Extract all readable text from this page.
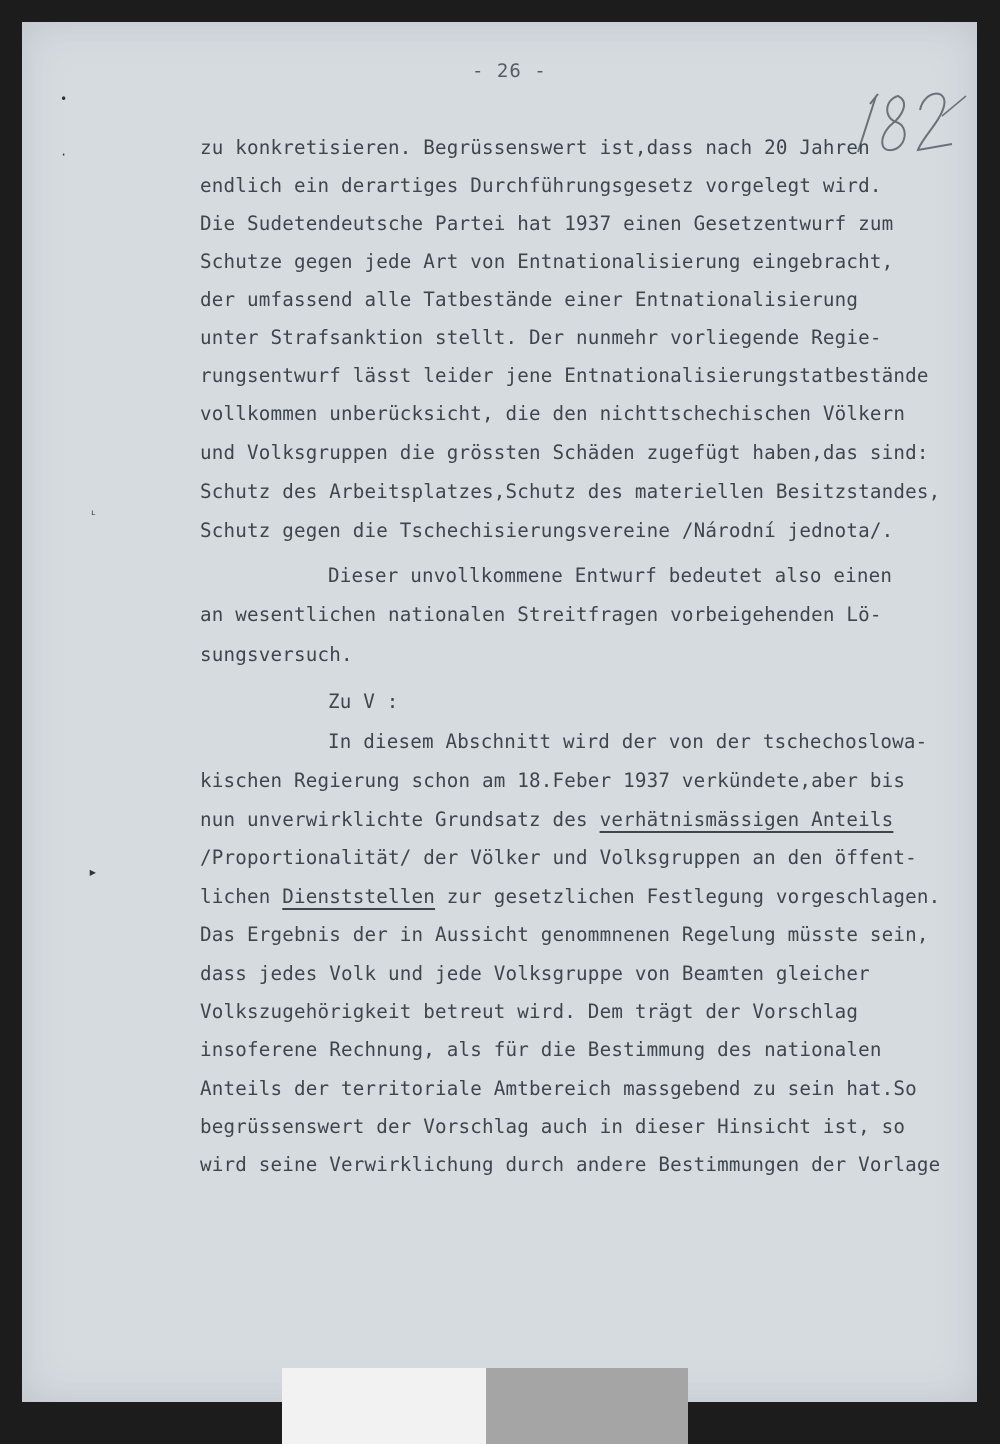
- 26 -
zu konkretisieren. Begrüssenswert ist,dass nach 20 Jahren
endlich ein derartiges Durchführungsgesetz vorgelegt wird.
Die Sudetendeutsche Partei hat 1937 einen Gesetzentwurf zum
Schutze gegen jede Art von Entnationalisierung eingebracht,
der umfassend alle Tatbestände einer Entnationalisierung
unter Strafsanktion stellt. Der nunmehr vorliegende Regie-
rungsentwurf lässt leider jene Entnationalisierungstatbestände
vollkommen unberücksicht, die den nichttschechischen Völkern
und Volksgruppen die grössten Schäden zugefügt haben,das sind:
Schutz des Arbeitsplatzes,Schutz des materiellen Besitzstandes,
Schutz gegen die Tschechisierungsvereine /Národní jednota/.
Dieser unvollkommene Entwurf bedeutet also einen
an wesentlichen nationalen Streitfragen vorbeigehenden Lö-
sungsversuch.
Zu V :
In diesem Abschnitt wird der von der tschechoslowa-
kischen Regierung schon am 18.Feber 1937 verkündete,aber bis
nun unverwirklichte Grundsatz des verhätnismässigen Anteils
/Proportionalität/ der Völker und Volksgruppen an den öffent-
lichen Dienststellen zur gesetzlichen Festlegung vorgeschlagen.
Das Ergebnis der in Aussicht genommnenen Regelung müsste sein,
dass jedes Volk und jede Volksgruppe von Beamten gleicher
Volkszugehörigkeit betreut wird. Dem trägt der Vorschlag
insoferene Rechnung, als für die Bestimmung des nationalen
Anteils der territoriale Amtbereich massgebend zu sein hat.So
begrüssenswert der Vorschlag auch in dieser Hinsicht ist, so
wird seine Verwirklichung durch andere Bestimmungen der Vorlage
•
·
ᴸ
▸
